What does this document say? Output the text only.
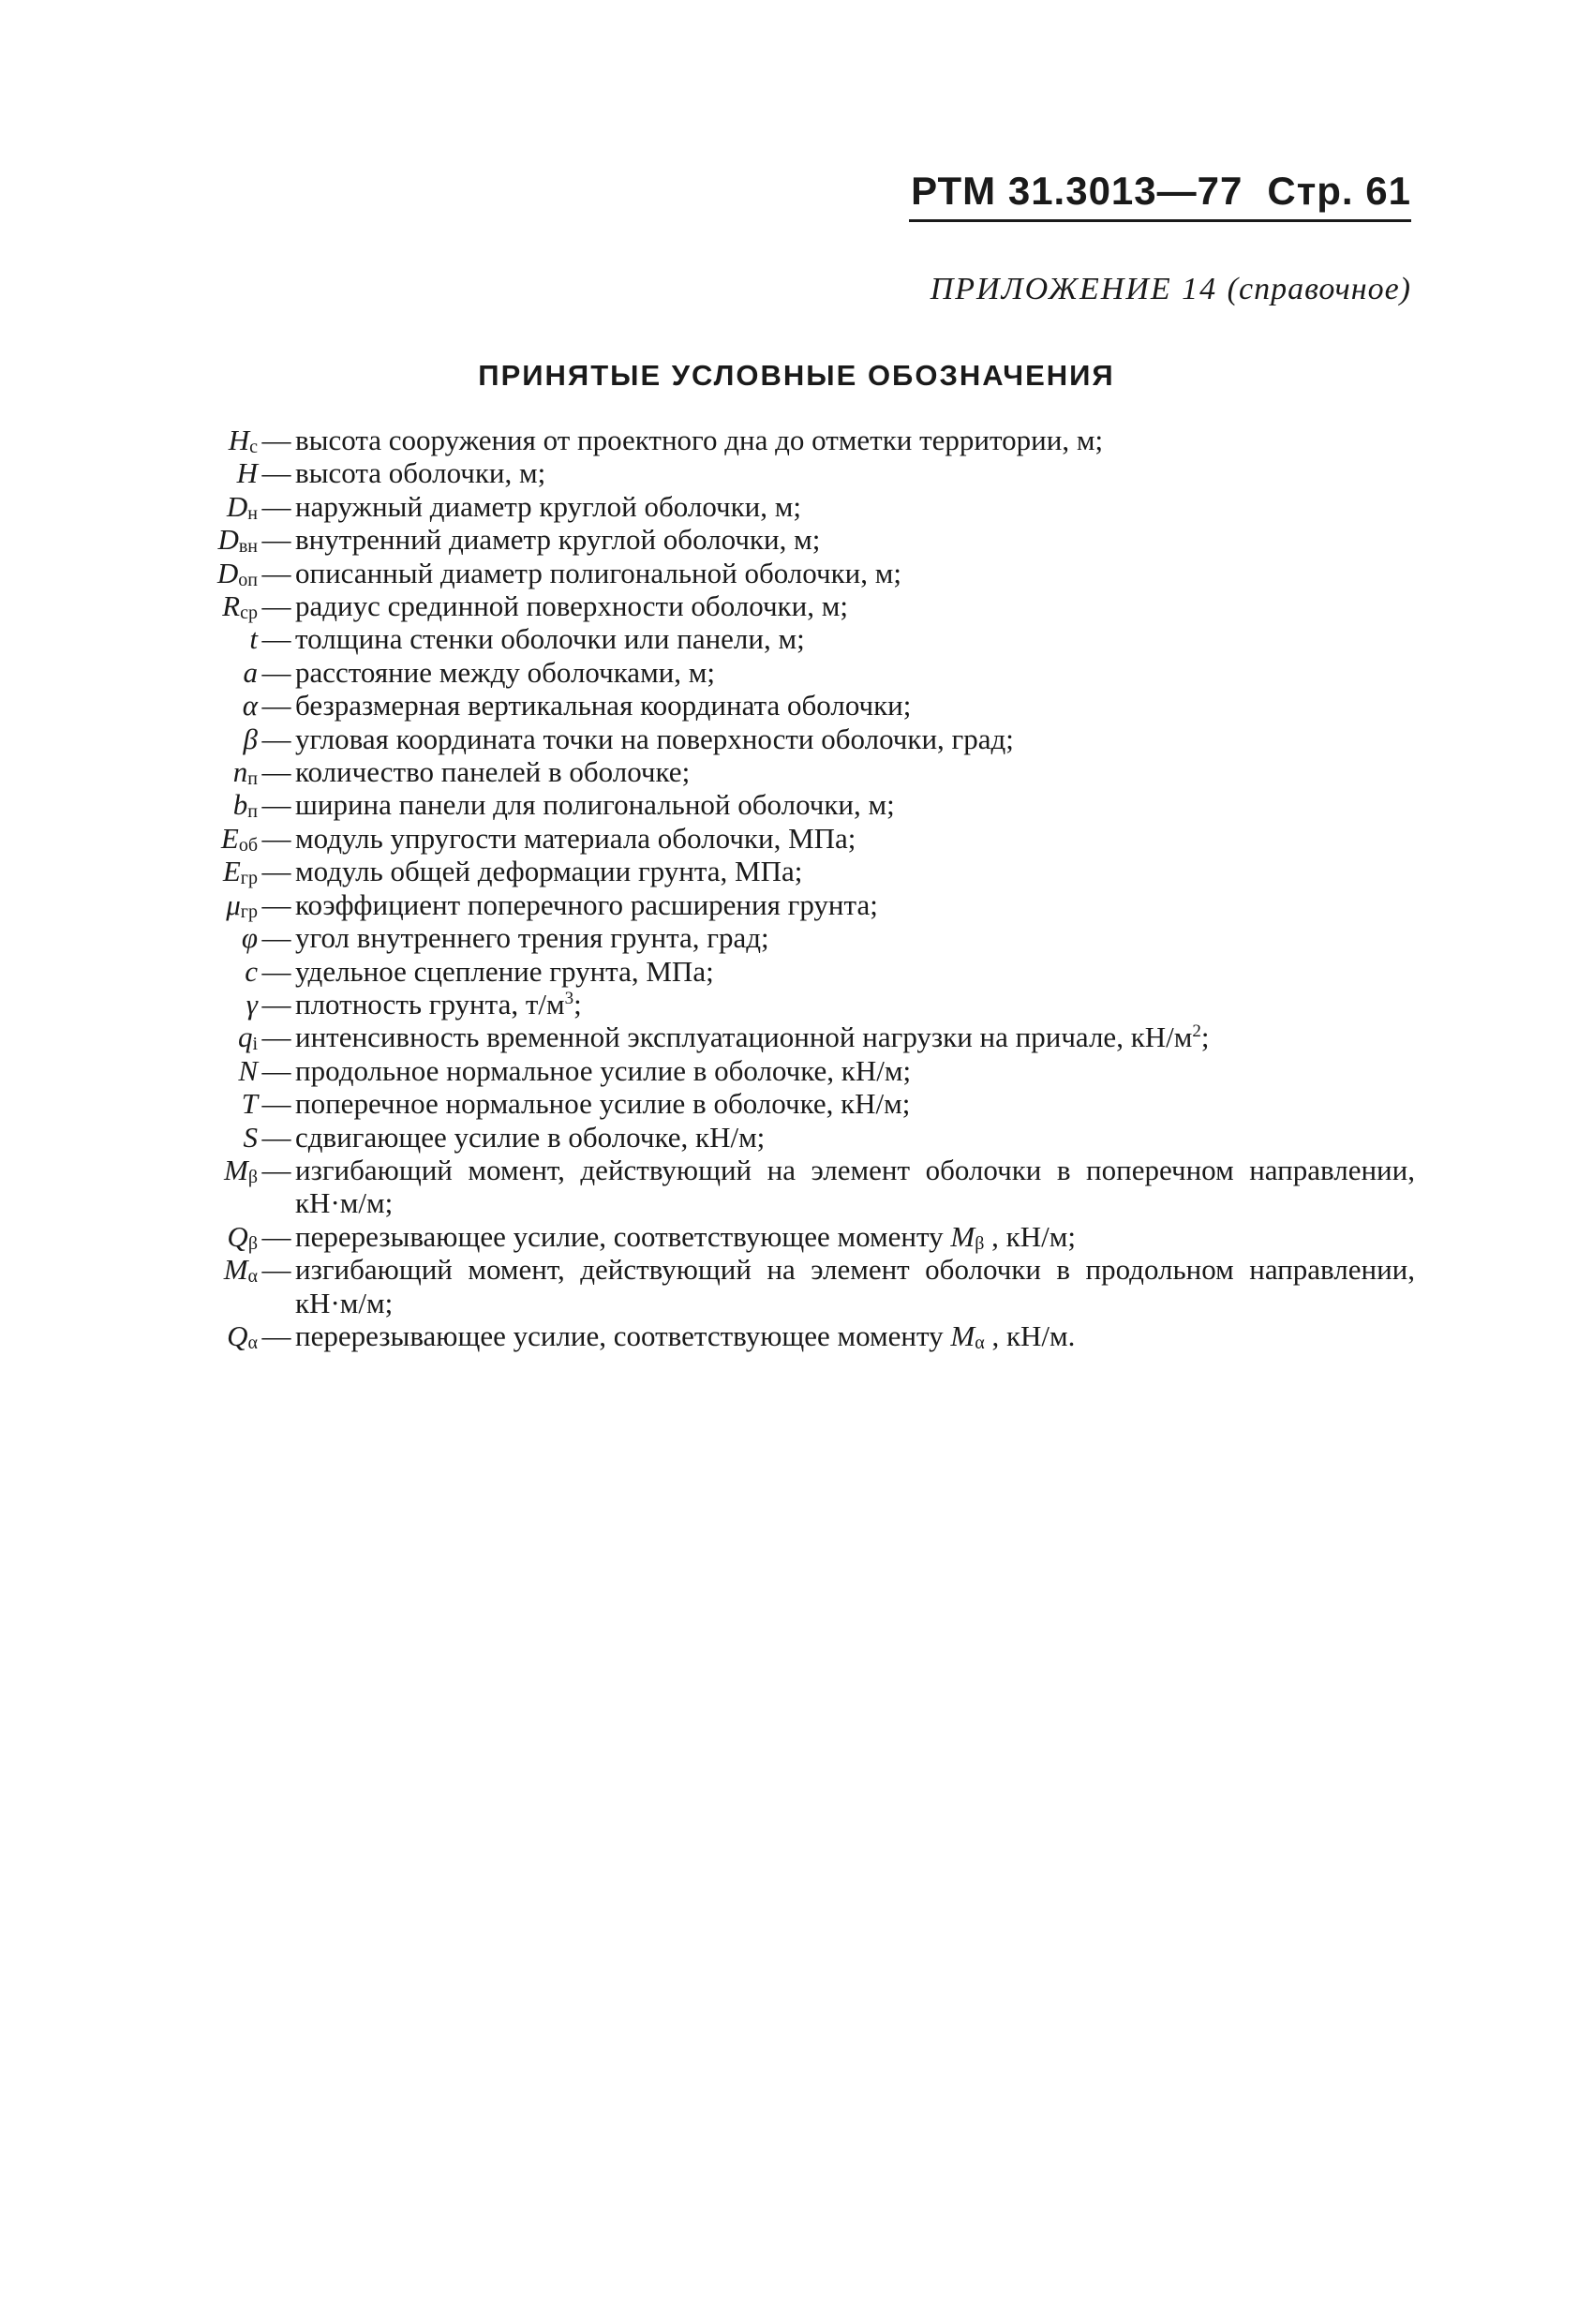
РТМ 31.3013—77 Стр. 61
ПРИЛОЖЕНИЕ 14 (справочное)
ПРИНЯТЫЕ УСЛОВНЫЕ ОБОЗНАЧЕНИЯ
$H_с$ — высота сооружения от проектного дна до отметки территории, м;
H — высота оболочки, м;
$D_н$ — наружный диаметр круглой оболочки, м;
$D_{вн}$ — внутренний диаметр круглой оболочки, м;
$D_{оп}$ — описанный диаметр полигональной оболочки, м;
$R_{ср}$ — радиус срединной поверхности оболочки, м;
t — толщина стенки оболочки или панели, м;
a — расстояние между оболочками, м;
α — безразмерная вертикальная координата оболочки;
β — угловая координата точки на поверхности оболочки, град;
$n_п$ — количество панелей в оболочке;
$b_п$ — ширина панели для полигональной оболочки, м;
$E_{об}$ — модуль упругости материала оболочки, МПа;
$E_{гр}$ — модуль общей деформации грунта, МПа;
$\mu_{гр}$ — коэффициент поперечного расширения грунта;
φ — угол внутреннего трения грунта, град;
c — удельное сцепление грунта, МПа;
γ — плотность грунта, $т/м^3$;
$q_i$ — интенсивность временной эксплуатационной нагрузки на причале, $кН/м^2$;
N — продольное нормальное усилие в оболочке, кН/м;
T — поперечное нормальное усилие в оболочке, кН/м;
S — сдвигающее усилие в оболочке, кН/м;
$M_\beta$ — изгибающий момент, действующий на элемент оболочки в поперечном направлении, кН·м/м;
$Q_\beta$ — перерезывающее усилие, соответствующее моменту $M_\beta$ , кН/м;
$M_\alpha$ — изгибающий момент, действующий на элемент оболочки в продольном направлении, кН·м/м;
$Q_\alpha$ — перерезывающее усилие, соответствующее моменту $M_\alpha$ , кН/м.
